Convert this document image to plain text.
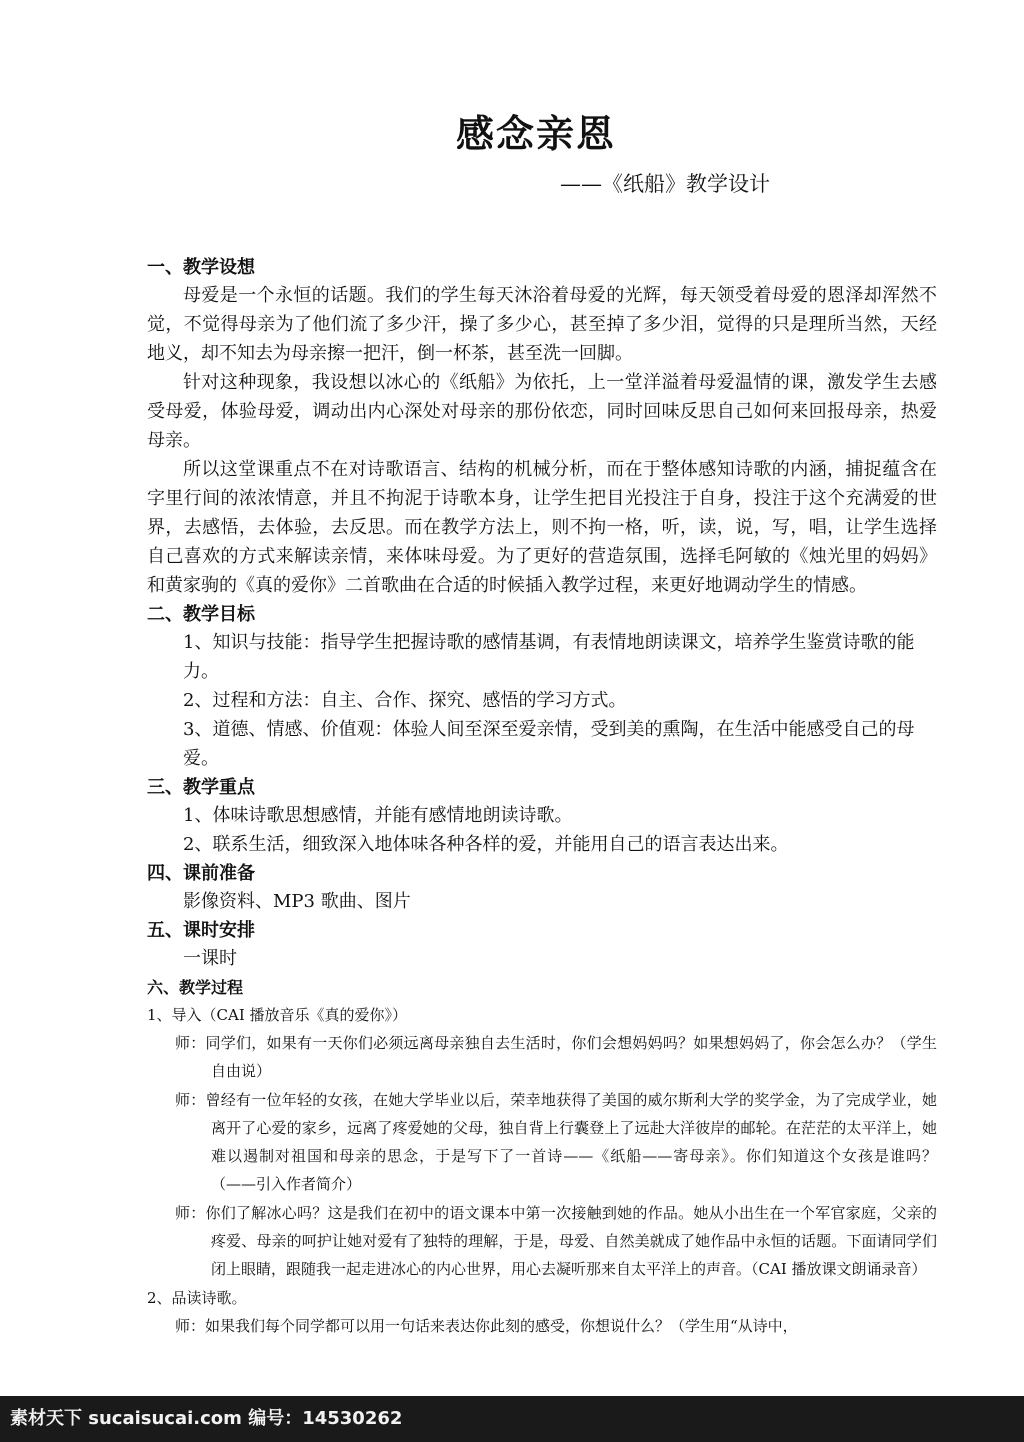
感念亲恩
——《纸船》教学设计

一、教学设想

母爱是一个永恒的话题。我们的学生每天沐浴着母爱的光辉，每天领受着母爱的恩泽却浑然不觉，不觉得母亲为了他们流了多少汗，操了多少心，甚至掉了多少泪，觉得的只是理所当然，天经地义，却不知去为母亲擦一把汗，倒一杯茶，甚至洗一回脚。

针对这种现象，我设想以冰心的《纸船》为依托，上一堂洋溢着母爱温情的课，激发学生去感受母爱，体验母爱，调动出内心深处对母亲的那份依恋，同时回味反思自己如何来回报母亲，热爱母亲。

所以这堂课重点不在对诗歌语言、结构的机械分析，而在于整体感知诗歌的内涵，捕捉蕴含在字里行间的浓浓情意，并且不拘泥于诗歌本身，让学生把目光投注于自身，投注于这个充满爱的世界，去感悟，去体验，去反思。而在教学方法上，则不拘一格，听，读，说，写，唱，让学生选择自己喜欢的方式来解读亲情，来体味母爱。为了更好的营造氛围，选择毛阿敏的《烛光里的妈妈》和黄家驹的《真的爱你》二首歌曲在合适的时候插入教学过程，来更好地调动学生的情感。

二、教学目标

1、知识与技能：指导学生把握诗歌的感情基调，有表情地朗读课文，培养学生鉴赏诗歌的能力。

2、过程和方法：自主、合作、探究、感悟的学习方式。

3、道德、情感、价值观：体验人间至深至爱亲情，受到美的熏陶，在生活中能感受自己的母爱。

三、教学重点

1、体味诗歌思想感情，并能有感情地朗读诗歌。

2、联系生活，细致深入地体味各种各样的爱，并能用自己的语言表达出来。

四、课前准备

影像资料、MP3 歌曲、图片

五、课时安排

一课时

六、教学过程

1、导入（CAI 播放音乐《真的爱你》）

师：同学们，如果有一天你们必须远离母亲独自去生活时，你们会想妈妈吗？如果想妈妈了，你会怎么办？（学生自由说）

师：曾经有一位年轻的女孩，在她大学毕业以后，荣幸地获得了美国的威尔斯利大学的奖学金，为了完成学业，她离开了心爱的家乡，远离了疼爱她的父母，独自背上行囊登上了远赴大洋彼岸的邮轮。在茫茫的太平洋上，她难以遏制对祖国和母亲的思念，于是写下了一首诗——《纸船——寄母亲》。你们知道这个女孩是谁吗？（——引入作者简介）

师：你们了解冰心吗？这是我们在初中的语文课本中第一次接触到她的作品。她从小出生在一个军官家庭，父亲的疼爱、母亲的呵护让她对爱有了独特的理解，于是，母爱、自然美就成了她作品中永恒的话题。下面请同学们闭上眼睛，跟随我一起走进冰心的内心世界，用心去凝听那来自太平洋上的声音。（CAI 播放课文朗诵录音）

2、品读诗歌。

师：如果我们每个同学都可以用一句话来表达你此刻的感受，你想说什么？（学生用“从诗中，

素材天下 sucaisucai.com 编号：14530262
